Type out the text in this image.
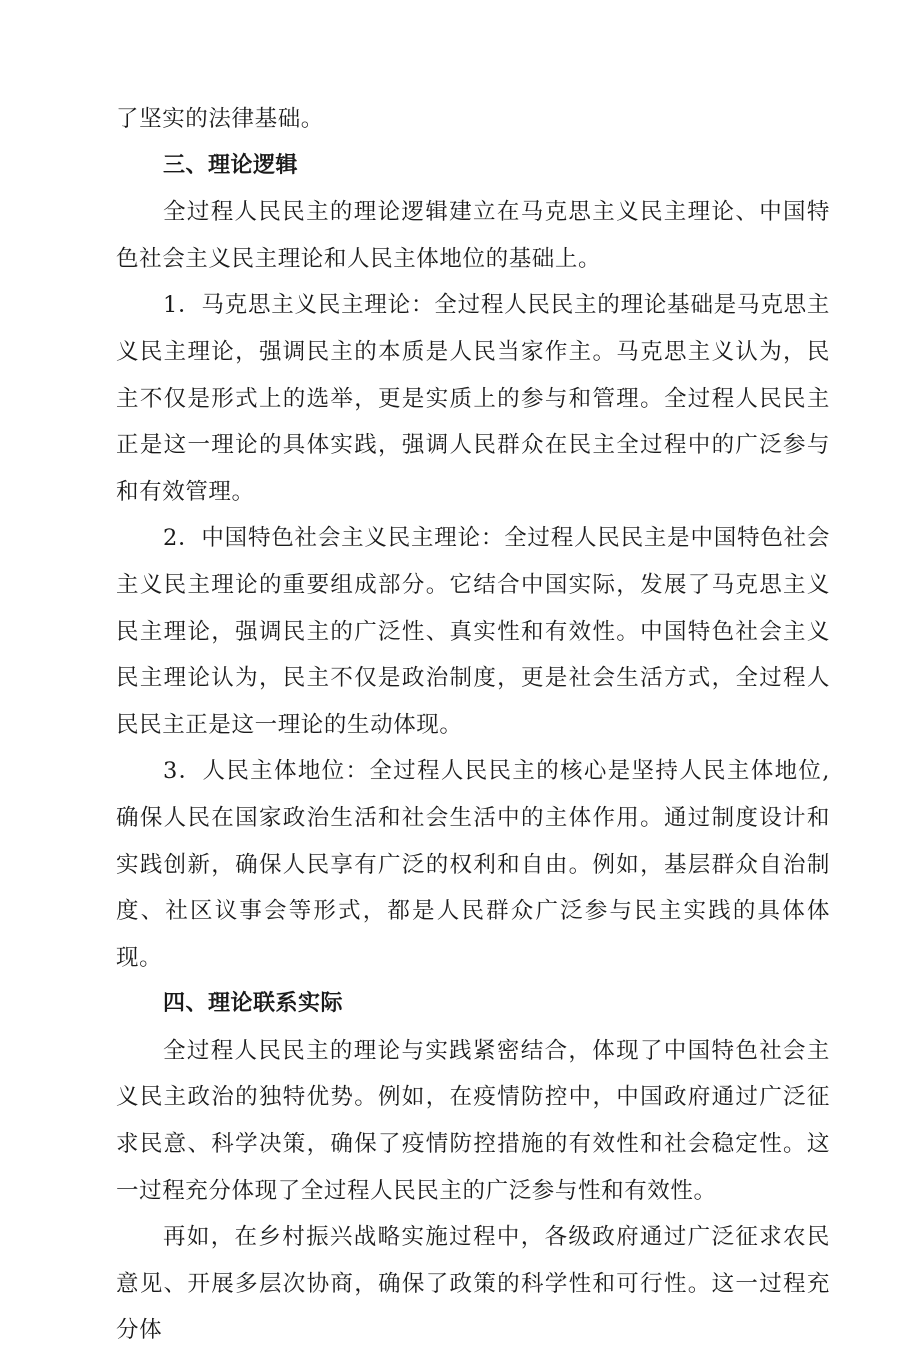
了坚实的法律基础。

三、理论逻辑

全过程人民民主的理论逻辑建立在马克思主义民主理论、中国特色社会主义民主理论和人民主体地位的基础上。

1．马克思主义民主理论：全过程人民民主的理论基础是马克思主义民主理论，强调民主的本质是人民当家作主。马克思主义认为，民主不仅是形式上的选举，更是实质上的参与和管理。全过程人民民主正是这一理论的具体实践，强调人民群众在民主全过程中的广泛参与和有效管理。

2．中国特色社会主义民主理论：全过程人民民主是中国特色社会主义民主理论的重要组成部分。它结合中国实际，发展了马克思主义民主理论，强调民主的广泛性、真实性和有效性。中国特色社会主义民主理论认为，民主不仅是政治制度，更是社会生活方式，全过程人民民主正是这一理论的生动体现。

3．人民主体地位：全过程人民民主的核心是坚持人民主体地位,确保人民在国家政治生活和社会生活中的主体作用。通过制度设计和实践创新，确保人民享有广泛的权利和自由。例如，基层群众自治制度、社区议事会等形式，都是人民群众广泛参与民主实践的具体体现。

四、理论联系实际

全过程人民民主的理论与实践紧密结合，体现了中国特色社会主义民主政治的独特优势。例如，在疫情防控中，中国政府通过广泛征求民意、科学决策，确保了疫情防控措施的有效性和社会稳定性。这一过程充分体现了全过程人民民主的广泛参与性和有效性。

再如，在乡村振兴战略实施过程中，各级政府通过广泛征求农民意见、开展多层次协商，确保了政策的科学性和可行性。这一过程充分体
